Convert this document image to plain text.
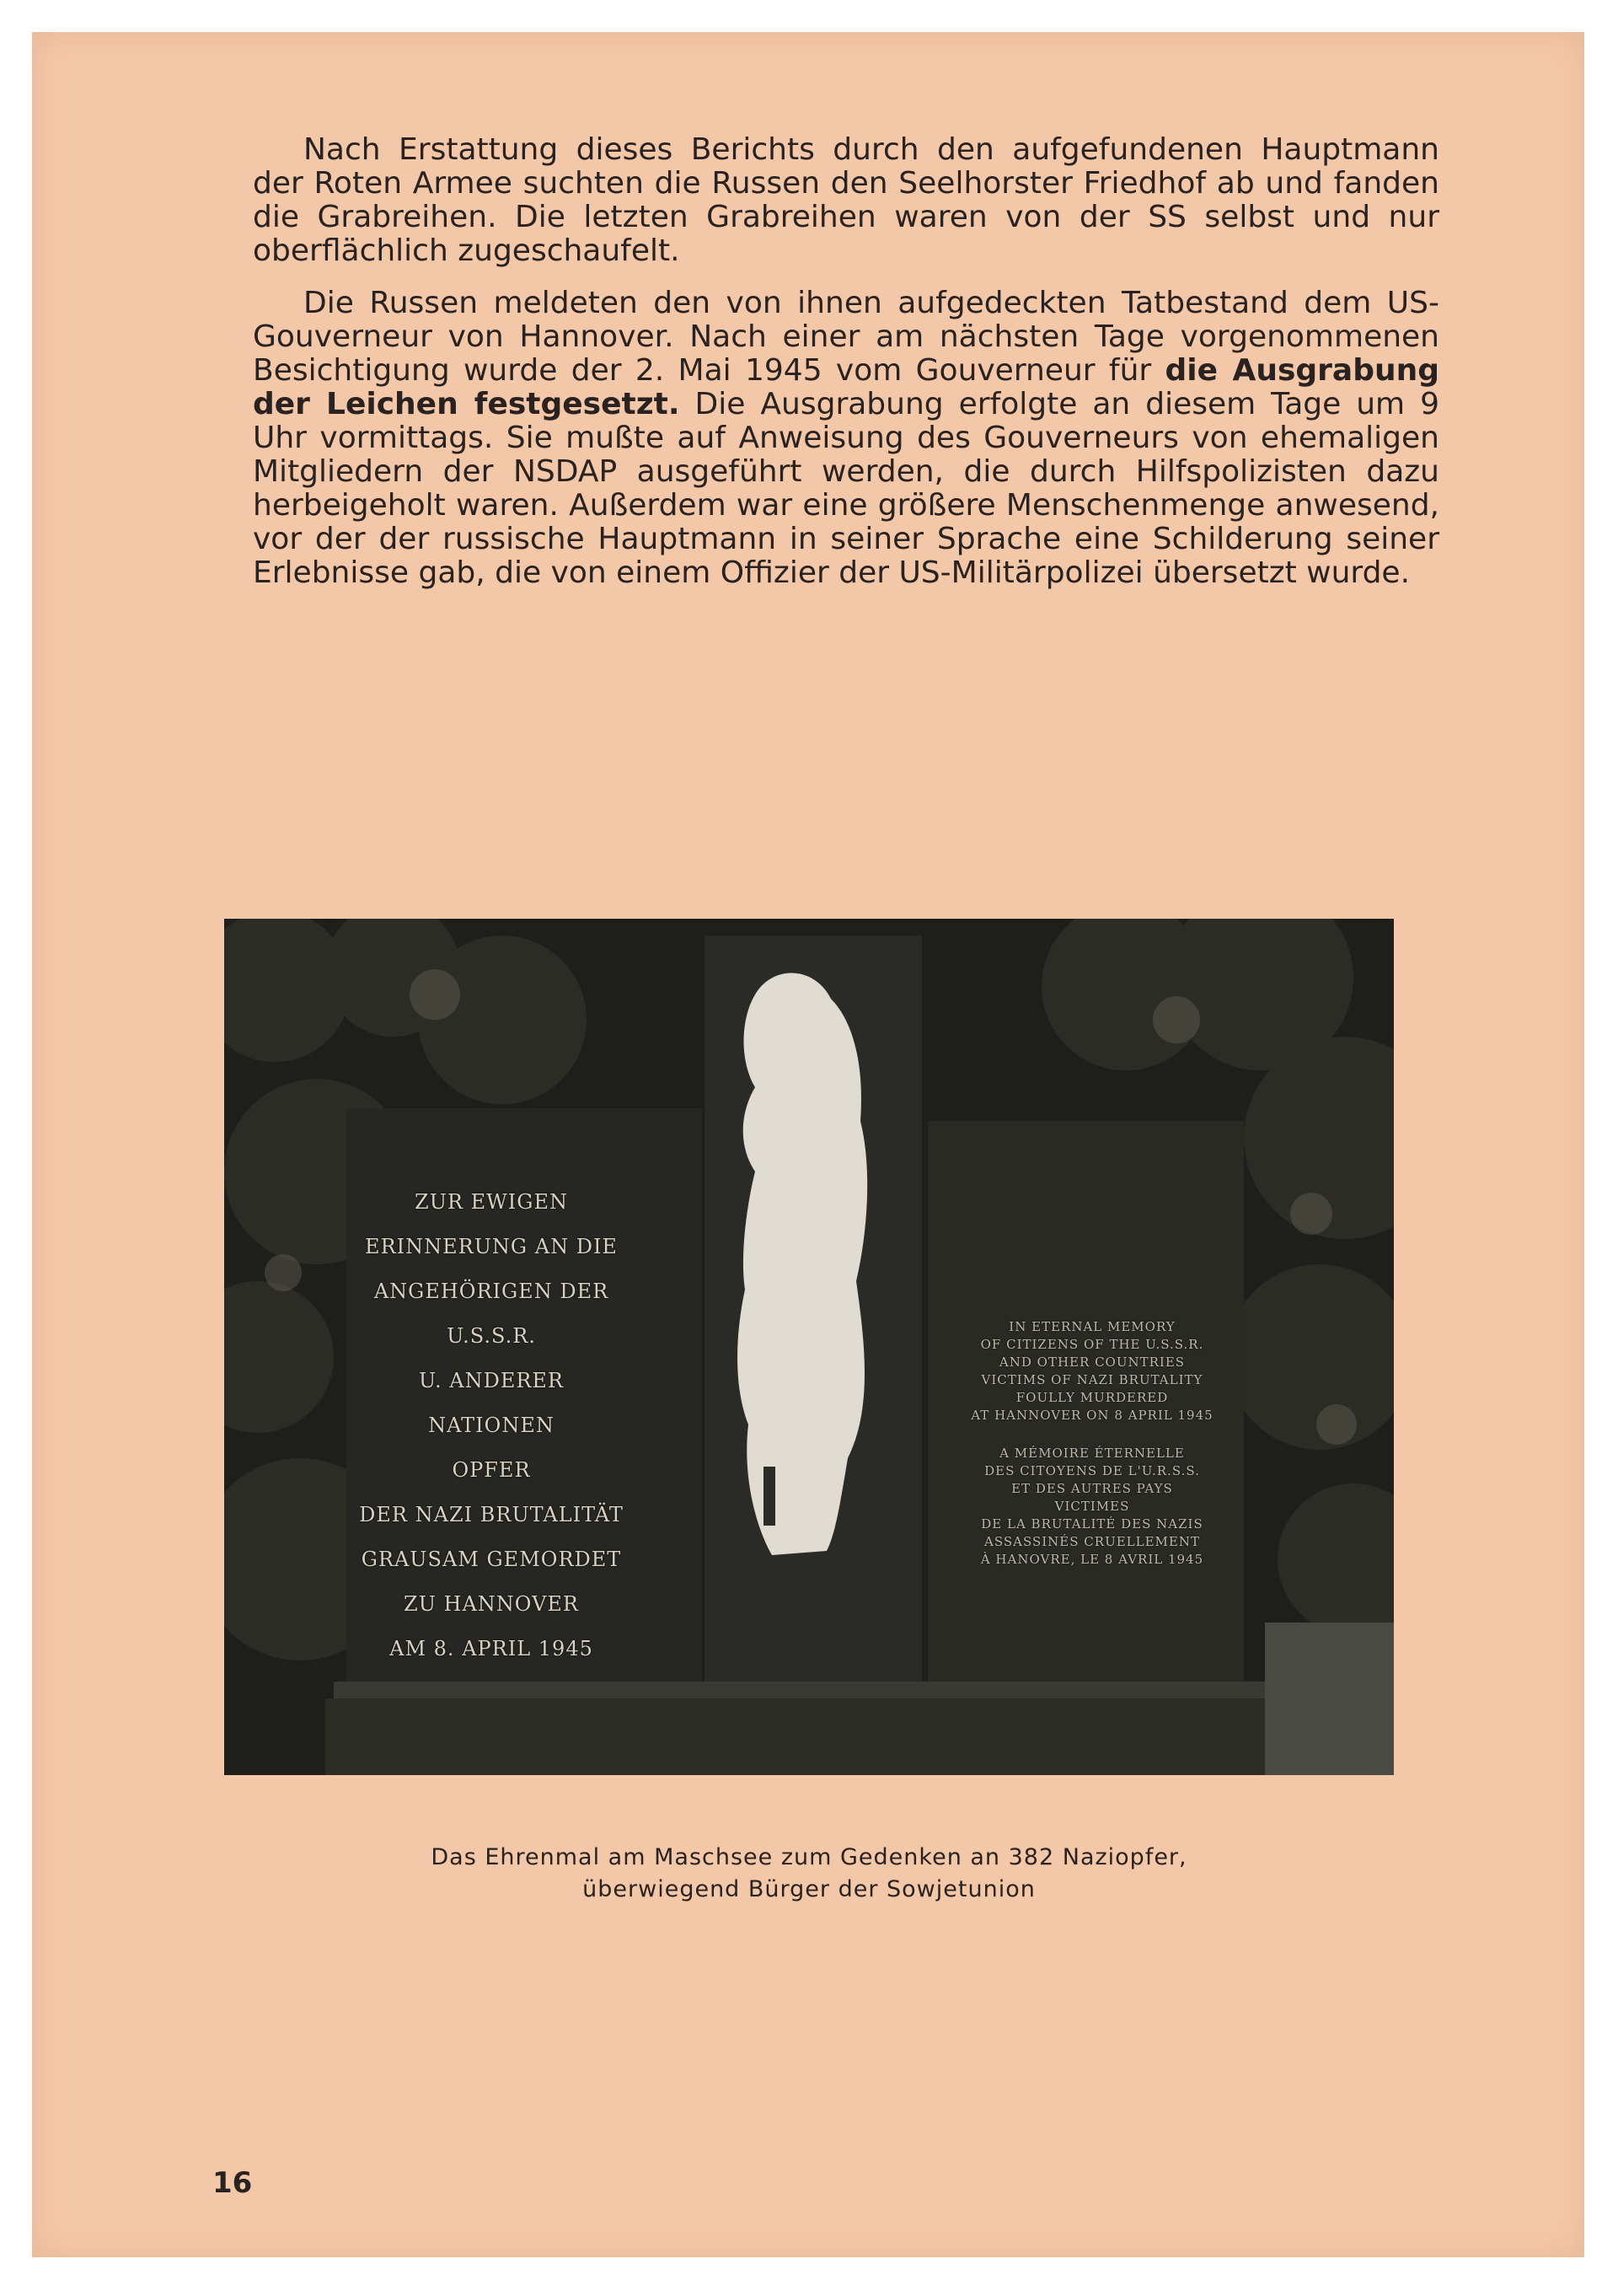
Nach Erstattung dieses Berichts durch den aufgefundenen Hauptmann der Roten Armee suchten die Russen den Seelhorster Friedhof ab und fanden die Grabreihen. Die letzten Grabreihen waren von der SS selbst und nur oberflächlich zugeschaufelt.

Die Russen meldeten den von ihnen aufgedeckten Tatbestand dem US-Gouverneur von Hannover. Nach einer am nächsten Tage vorgenommenen Besichtigung wurde der 2. Mai 1945 vom Gouverneur für die Ausgrabung der Leichen festgesetzt. Die Ausgrabung erfolgte an diesem Tage um 9 Uhr vormittags. Sie mußte auf Anweisung des Gouverneurs von ehemaligen Mitgliedern der NSDAP ausgeführt werden, die durch Hilfspolizisten dazu herbeigeholt waren. Außerdem war eine größere Menschenmenge anwesend, vor der der russische Hauptmann in seiner Sprache eine Schilderung seiner Erlebnisse gab, die von einem Offizier der US-Militärpolizei übersetzt wurde.

ZUR EWIGEN
ERINNERUNG AN DIE
ANGEHÖRIGEN DER U.S.S.R.
U. ANDERER NATIONEN
OPFER
DER NAZI BRUTALITÄT
GRAUSAM GEMORDET
ZU HANNOVER
AM 8. APRIL 1945
IN ETERNAL MEMORY
OF CITIZENS OF THE U.S.S.R.
AND OTHER COUNTRIES
VICTIMS OF NAZI BRUTALITY
FOULLY MURDERED
AT HANNOVER ON 8 APRIL 1945
A MÉMOIRE ÉTERNELLE
DES CITOYENS DE L'U.R.S.S.
ET DES AUTRES PAYS
VICTIMES
DE LA BRUTALITÉ DES NAZIS
ASSASSINÉS CRUELLEMENT
À HANOVRE, LE 8 AVRIL 1945
Das Ehrenmal am Maschsee zum Gedenken an 382 Naziopfer,
überwiegend Bürger der Sowjetunion
16
